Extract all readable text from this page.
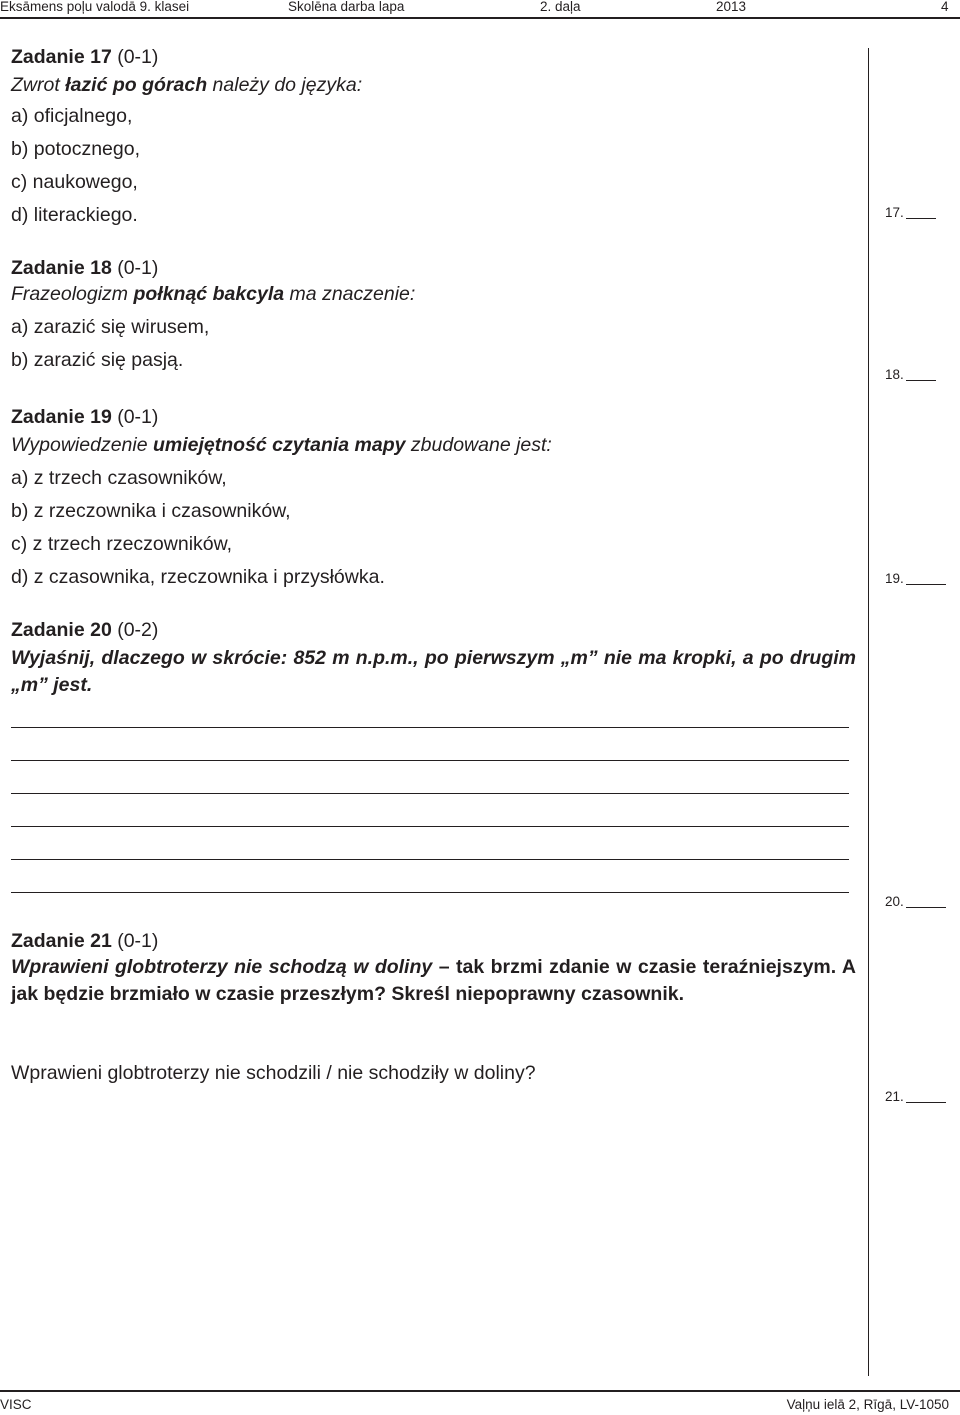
Eksāmens poļu valodā 9. klasei	Skolēna darba lapa	2. daļa	2013	4
Zadanie 17 (0-1)
Zwrot łazić po górach należy do języka:
a) oficjalnego,
b) potocznego,
c) naukowego,
d) literackiego.	17.
Zadanie 18 (0-1)
Frazeologizm połknąć bakcyla ma znaczenie:
a) zarazić się wirusem,
b) zarazić się pasją.
18.
Zadanie 19 (0-1)
Wypowiedzenie umiejętność czytania mapy zbudowane jest:
a) z trzech czasowników,
b) z rzeczownika i czasowników,
c) z trzech rzeczowników,
d) z czasownika, rzeczownika i przysłówka.	19.
Zadanie 20 (0-2)
Wyjaśnij, dlaczego w skrócie: 852 m n.p.m., po pierwszym „m” nie ma kropki, a po drugim „m” jest.
20.
Zadanie 21 (0-1)
Wprawieni globtroterzy nie schodzą w doliny – tak brzmi zdanie w czasie teraźniejszym. A jak będzie brzmiało w czasie przeszłym? Skreśl niepoprawny czasownik.
Wprawieni globtroterzy nie schodzili / nie schodziły w doliny?
21.
VISC	Vaļņu ielā 2, Rīgā, LV-1050
